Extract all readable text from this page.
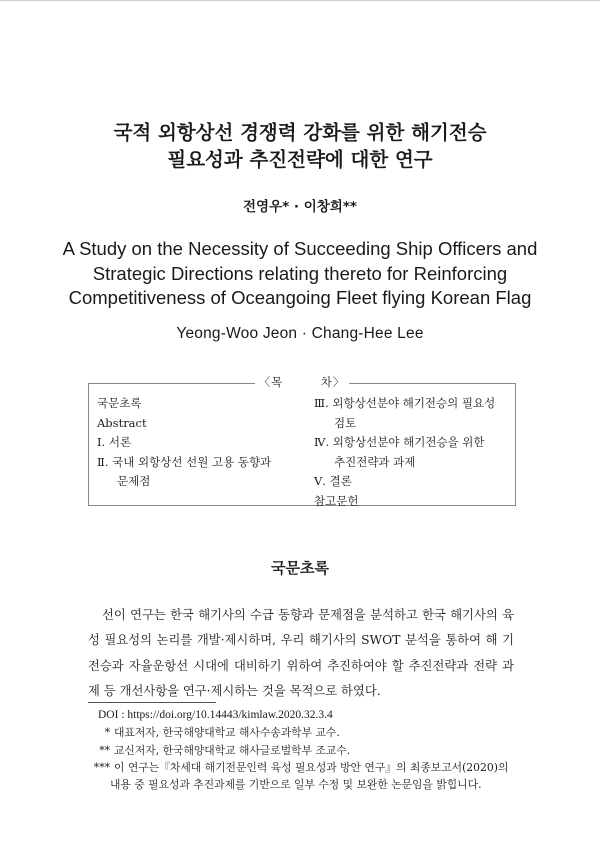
국적 외항상선 경쟁력 강화를 위한 해기전승
필요성과 추진전략에 대한 연구
전영우* · 이창희**
A Study on the Necessity of Succeeding Ship Officers and
Strategic Directions relating thereto for Reinforcing
Competitiveness of Oceangoing Fleet flying Korean Flag
Yeong-Woo Jeon · Chang-Hee Lee
〈목　　　차〉
국문초록
Abstract
Ⅰ. 서론
Ⅱ. 국내 외항상선 선원 고용 동향과
문제점
Ⅲ. 외항상선분야 해기전승의 필요성
검토
Ⅳ. 외항상선분야 해기전승을 위한
추진전략과 과제
Ⅴ. 결론
참고문헌
국문초록
선이 연구는 한국 해기사의 수급 동향과 문제점을 분석하고 한국 해기사의 육성 필요성의 논리를 개발·제시하며, 우리 해기사의 SWOT 분석을 통하여 해 기전승과 자율운항선 시대에 대비하기 위하여 추진하여야 할 추진전략과 전략 과제 등 개선사항을 연구·제시하는 것을 목적으로 하였다.
DOI : https://doi.org/10.14443/kimlaw.2020.32.3.4
* 대표저자, 한국해양대학교 해사수송과학부 교수.
** 교신저자, 한국해양대학교 해사글로벌학부 조교수.
*** 이 연구는『차세대 해기전문인력 육성 필요성과 방안 연구』의 최종보고서(2020)의
내용 중 필요성과 추진과제를 기반으로 일부 수정 및 보완한 논문임을 밝힙니다.
